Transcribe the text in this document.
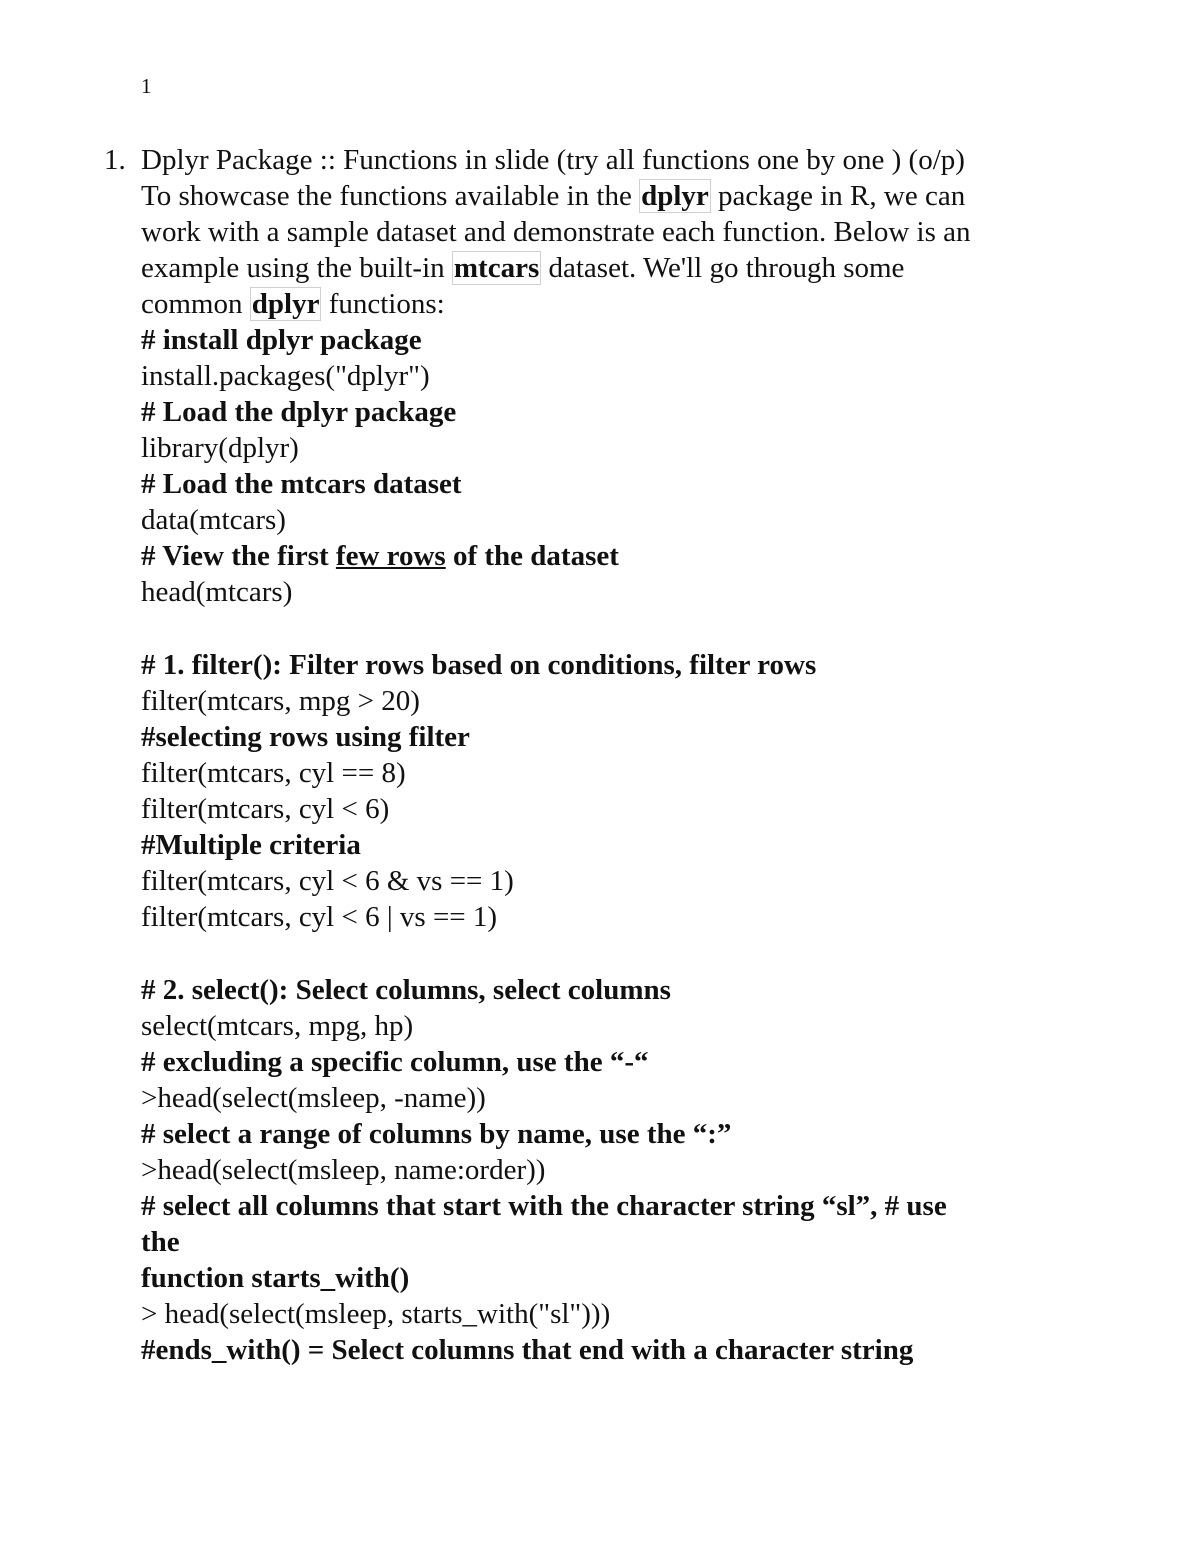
1
1. Dplyr Package :: Functions in slide (try all functions one by one ) (o/p)
To showcase the functions available in the dplyr package in R, we can
work with a sample dataset and demonstrate each function. Below is an
example using the built-in mtcars dataset. We'll go through some
common dplyr functions:
# install dplyr package
install.packages("dplyr")
# Load the dplyr package
library(dplyr)
# Load the mtcars dataset
data(mtcars)
# View the first few rows of the dataset
head(mtcars)
# 1. filter(): Filter rows based on conditions, filter rows
filter(mtcars, mpg > 20)
#selecting rows using filter
filter(mtcars, cyl == 8)
filter(mtcars, cyl < 6)
#Multiple criteria
filter(mtcars, cyl < 6 & vs == 1)
filter(mtcars, cyl < 6 | vs == 1)
# 2. select(): Select columns, select columns
select(mtcars, mpg, hp)
# excluding a specific column, use the “-“
>head(select(msleep, -name))
# select a range of columns by name, use the “:”
>head(select(msleep, name:order))
# select all columns that start with the character string “sl”, # use
the
function starts_with()
> head(select(msleep, starts_with("sl")))
#ends_with() = Select columns that end with a character string
